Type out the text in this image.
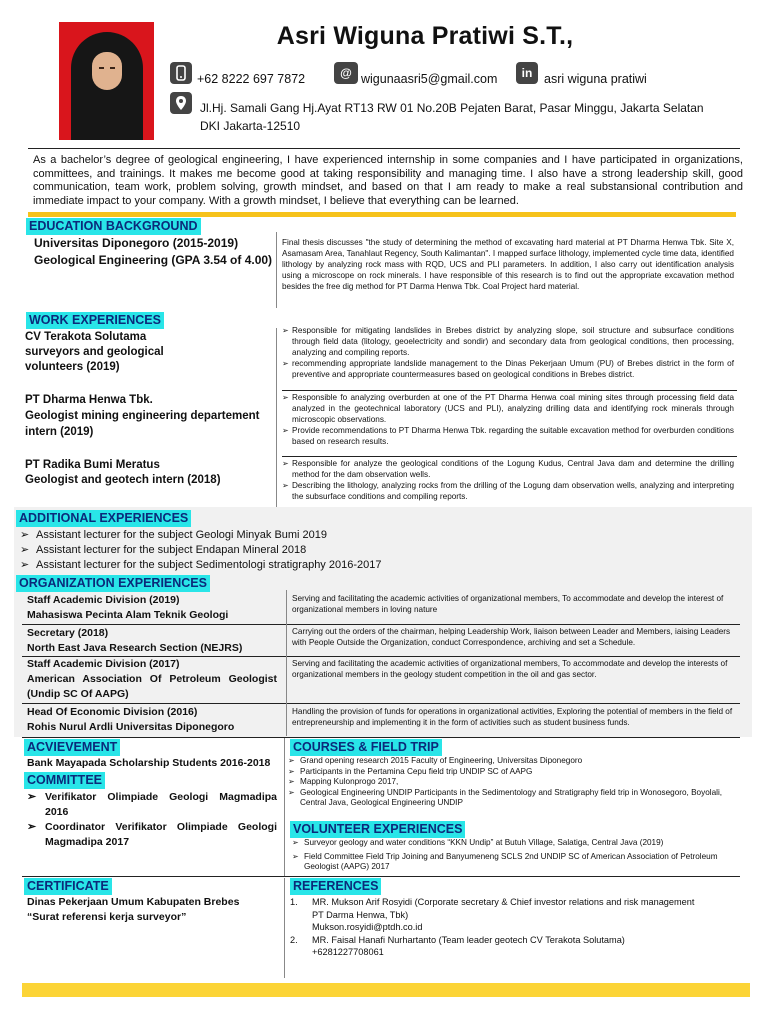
Asri Wiguna Pratiwi S.T.,
+62 8222 697 7872	@ wigunaasri5@gmail.com	in asri wiguna pratiwi
Jl.Hj. Samali Gang Hj.Ayat RT13 RW 01 No.20B Pejaten Barat, Pasar Minggu, Jakarta Selatan
DKI Jakarta-12510
As a bachelor’s degree of geological engineering, I have experienced internship in some companies and I have participated in organizations, committees, and trainings. It makes me become good at taking responsibility and managing time. I also have a strong leadership skill, good communication, team work, problem solving, growth mindset, and based on that I am ready to make a real substansional contribution and immediate impact to your company. With a growth mindset, I believe that everything can be learned.
EDUCATION BACKGROUND
Universitas Diponegoro (2015-2019)
Geological Engineering (GPA 3.54 of 4.00)
Final thesis discusses "the study of determining the method of excavating hard material at PT Dharma Henwa Tbk. Site X, Asamasam Area, Tanahlaut Regency, South Kalimantan". I mapped surface lithology, implemented cycle time data, identified lithology by analyzing rock mass with RQD, UCS and PLI parameters. In addition, I also carry out identification analysis using a microscope on rock minerals. I have responsible of this research is to find out the appropriate excavation method besides the free dig method for PT Darma Henwa Tbk. Coal Project hard material.
WORK EXPERIENCES
CV Terakota Solutama
surveyors and geological
volunteers (2019)
➢ Responsible for mitigating landslides in Brebes district by analyzing slope, soil structure and subsurface conditions through field data (litology, geoelectricity and sondir) and secondary data from geological conditions, then processing, analyzing and compiling reports.
➢ recommending appropriate landslide management to the Dinas Pekerjaan Umum (PU) of Brebes district in the form of preventive and appropriate countermeasures based on geological conditions in Brebes district.
PT Dharma Henwa Tbk.
Geologist mining engineering departement
intern (2019)
➢ Responsible fo analyzing overburden at one of the PT Dharma Henwa coal mining sites through processing field data analyzed in the geotechnical laboratory (UCS and PLI), analyzing drilling data and identifying rock minerals through microscopic observations.
➢ Provide recommendations to PT Dharma Henwa Tbk. regarding the suitable excavation method for overburden conditions based on research results.
PT Radika Bumi Meratus
Geologist and geotech intern (2018)
➢ Responsible for analyze the geological conditions of the Logung Kudus, Central Java dam and determine the drilling method for the dam observation wells.
➢ Describing the lithology, analyzing rocks from the drilling of the Logung dam observation wells, analyzing and interpreting the subsurface conditions and compiling reports.
ADDITIONAL EXPERIENCES
➢ Assistant lecturer for the subject Geologi Minyak Bumi 2019
➢ Assistant lecturer for the subject Endapan Mineral 2018
➢ Assistant lecturer for the subject Sedimentologi stratigraphy 2016-2017
ORGANIZATION EXPERIENCES
Staff Academic Division (2019)
Mahasiswa Pecinta Alam Teknik Geologi
Serving and facilitating the academic activities of organizational members, To accommodate and develop the interest of organizational members in loving nature
Secretary (2018)
North East Java Research Section (NEJRS)
Carrying out the orders of the chairman, helping Leadership Work, liaison between Leader and Members, iaising Leaders with People Outside the Organization, conduct Correspondence, archiving and set a Schedule.
Staff Academic Division (2017)
American Association Of Petroleum Geologist
(Undip SC Of AAPG)
Serving and facilitating the academic activities of organizational members, To accommodate and develop the interests of organizational members in the geology student competition in the oil and gas sector.
Head Of Economic Division (2016)
Rohis Nurul Ardli Universitas Diponegoro
Handling the provision of funds for operations in organizational activities, Exploring the potential of members in the field of entrepreneurship and implementing it in the form of activities such as student business funds.
ACVIEVEMENT
Bank Mayapada Scholarship Students 2016-2018
COMMITTEE
➢ Verifikator Olimpiade Geologi Magmadipa 2016
➢ Coordinator Verifikator Olimpiade Geologi Magmadipa 2017
COURSES & FIELD TRIP
➢ Grand opening research 2015 Faculty of Engineering, Universitas Diponegoro
➢ Participants in the Pertamina Cepu field trip UNDIP SC of AAPG
➢ Mapping Kulonprogo 2017,
➢ Geological Engineering UNDIP Participants in the Sedimentology and Stratigraphy field trip in Wonosegoro, Boyolali, Central Java, Geological Engineering UNDIP
VOLUNTEER EXPERIENCES
➢ Surveyor geology and water conditions “KKN Undip” at Butuh Village, Salatiga, Central Java (2019)
➢ Field Committee Field Trip Joining and Banyumeneng SCLS 2nd UNDIP SC of American Association of Petroleum Geologist (AAPG) 2017
CERTIFICATE
Dinas Pekerjaan Umum Kabupaten Brebes
“Surat referensi kerja surveyor”
REFERENCES
1.	MR. Mukson Arif Rosyidi (Corporate secretary & Chief investor relations and risk management
PT Darma Henwa, Tbk)
Mukson.rosyidi@ptdh.co.id
2.	MR. Faisal Hanafi Nurhartanto (Team leader geotech CV Terakota Solutama)
+6281227708061
